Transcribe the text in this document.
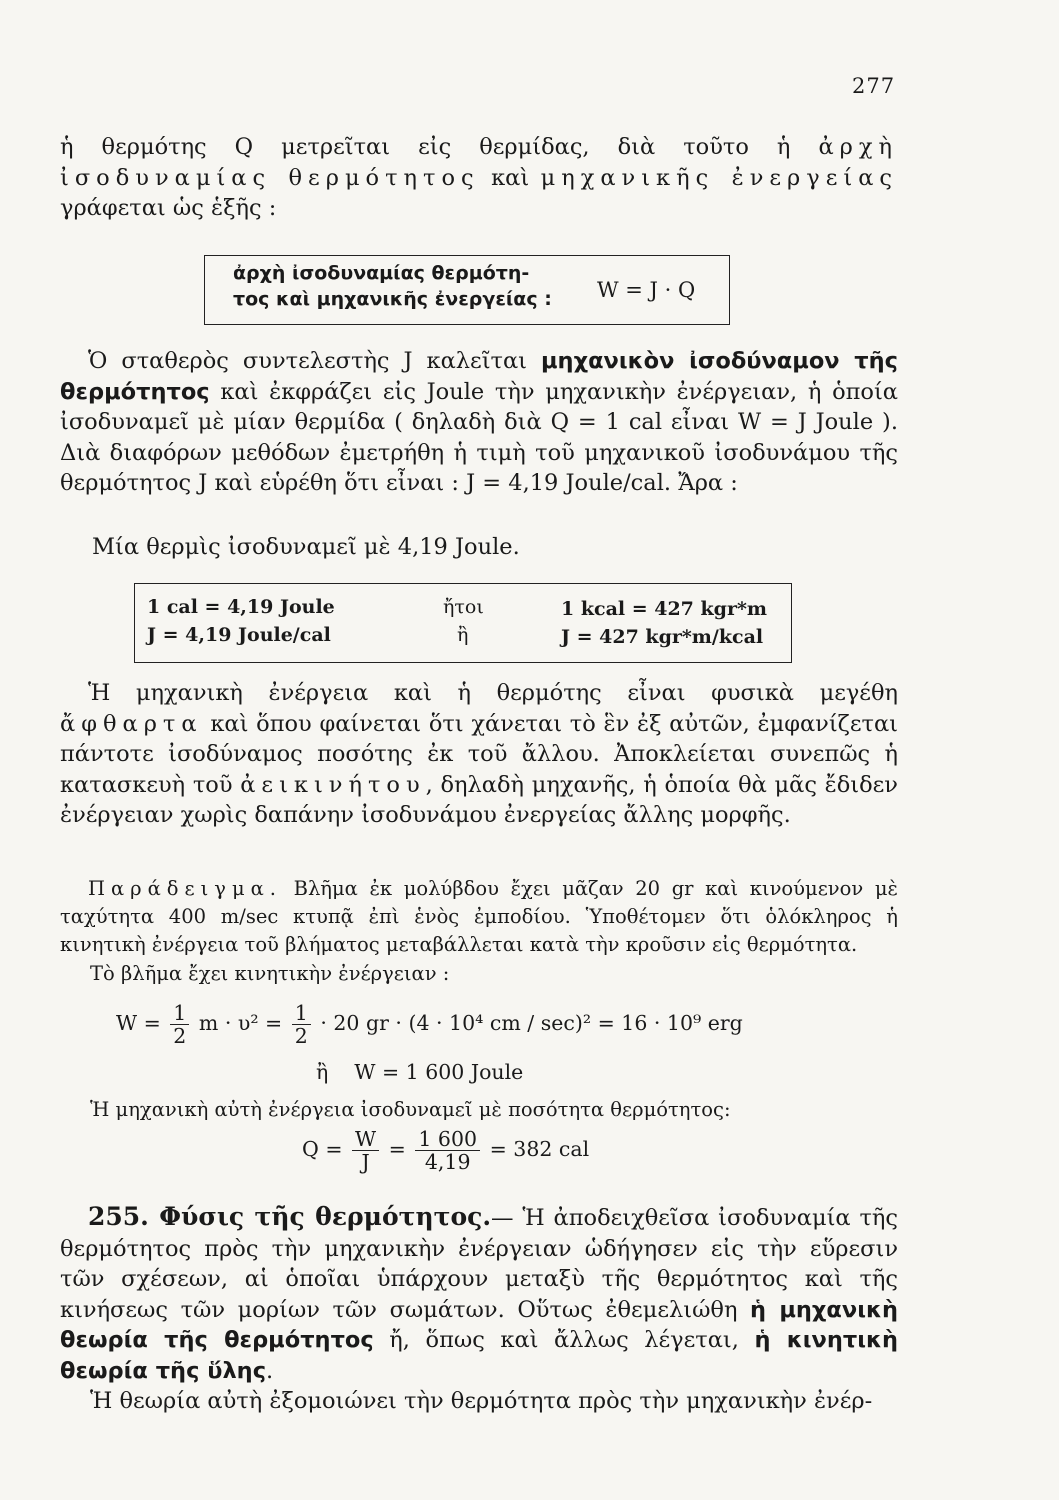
277

ἡ θερμότης Q μετρεῖται εἰς θερμίδας, διὰ τοῦτο ἡ ἀρχὴ ἰσοδυναμίας θερμότητος καὶ μηχανικῆς ἐνεργείας γράφεται ὡς ἑξῆς :

ἀρχὴ ἰσοδυναμίας θερμότη-
τος καὶ μηχανικῆς ἐνεργείας : W = J · Q

Ὁ σταθερὸς συντελεστὴς J καλεῖται μηχανικὸν ἰσοδύναμον τῆς θερμότητος καὶ ἐκφράζει εἰς Joule τὴν μηχανικὴν ἐνέργειαν, ἡ ὁποία ἰσοδυναμεῖ μὲ μίαν θερμίδα ( δηλαδὴ διὰ Q = 1 cal εἶναι W = J Joule ). Διὰ διαφόρων μεθόδων ἐμετρήθη ἡ τιμὴ τοῦ μηχανικοῦ ἰσοδυνάμου τῆς θερμότητος J καὶ εὑρέθη ὅτι εἶναι : J = 4,19 Joule/cal. Ἄρα :

Μία θερμὶς ἰσοδυναμεῖ μὲ 4,19 Joule.
1 cal = 4,19 Joule	ἤτοι	1 kcal = 427 kgr*m
J = 4,19 Joule/cal	ἢ	J = 427 kgr*m/kcal

Ἡ μηχανικὴ ἐνέργεια καὶ ἡ θερμότης εἶναι φυσικὰ μεγέθη ἄφθαρτα καὶ ὅπου φαίνεται ὅτι χάνεται τὸ ἓν ἐξ αὐτῶν, ἐμφανίζεται πάντοτε ἰσοδύναμος ποσότης ἐκ τοῦ ἄλλου. Ἀποκλείεται συνεπῶς ἡ κατασκευὴ τοῦ ἀεικινήτου, δηλαδὴ μηχανῆς, ἡ ὁποία θὰ μᾶς ἔδιδεν ἐνέργειαν χωρὶς δαπάνην ἰσοδυνάμου ἐνεργείας ἄλλης μορφῆς.

Παράδειγμα. Βλῆμα ἐκ μολύβδου ἔχει μᾶζαν 20 gr καὶ κινούμενον μὲ ταχύτητα 400 m/sec κτυπᾷ ἐπὶ ἑνὸς ἐμποδίου. Ὑποθέτομεν ὅτι ὁλόκληρος ἡ κινητικὴ ἐνέργεια τοῦ βλήματος μεταβάλλεται κατὰ τὴν κροῦσιν εἰς θερμότητα.

Τὸ βλῆμα ἔχει κινητικὴν ἐνέργειαν :
$W = \frac{1}{2}$ $m \cdot \upsilon^2 = \frac{1}{2} \cdot 20$ gr · (4 · 10⁴ cm / sec)² = 16 · 10⁹ erg
ἢ W = 1 600 Joule
Ἡ μηχανικὴ αὐτὴ ἐνέργεια ἰσοδυναμεῖ μὲ ποσότητα θερμότητος:
$Q = \frac{W}{J} = \frac{1 600}{4,19} = 382$ cal

255. Φύσις τῆς θερμότητος.— Ἡ ἀποδειχθεῖσα ἰσοδυναμία τῆς θερμότητος πρὸς τὴν μηχανικὴν ἐνέργειαν ὡδήγησεν εἰς τὴν εὕρεσιν τῶν σχέσεων, αἱ ὁποῖαι ὑπάρχουν μεταξὺ τῆς θερμότητος καὶ τῆς κινήσεως τῶν μορίων τῶν σωμάτων. Οὕτως ἐθεμελιώθη ἡ μηχανικὴ θεωρία τῆς θερμότητος ἤ, ὅπως καὶ ἄλλως λέγεται, ἡ κινητικὴ θεωρία τῆς ὕλης.

Ἡ θεωρία αὐτὴ ἐξομοιώνει τὴν θερμότητα πρὸς τὴν μηχανικὴν ἐνέρ-
